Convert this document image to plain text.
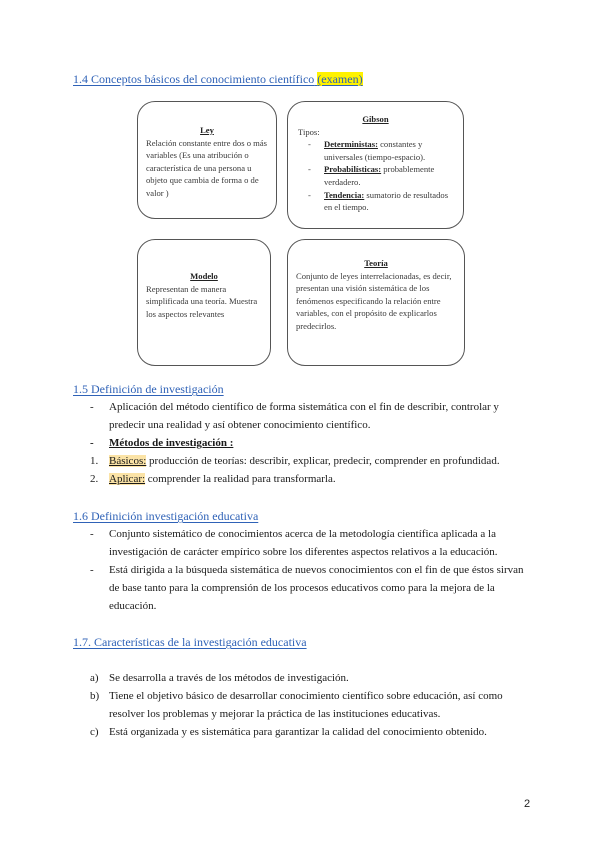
1.4 Conceptos básicos del conocimiento científico (examen)
Ley

Relación constante entre dos o más variables (Es una atribución o característica de una persona u objeto que cambia de forma o de valor )

Gibson

Tipos:

- Deterministas: constantes y universales (tiempo-espacio).
- Probabilísticas: probablemente verdadero.
- Tendencia: sumatorio de resultados en el tiempo.
Modelo

Representan de manera simplificada una teoría. Muestra los aspectos relevantes

Teoría

Conjunto de leyes interrelacionadas, es decir, presentan una visión sistemática de los fenómenos especificando la relación entre variables, con el propósito de explicarlos predecirlos.

1.5 Definición de investigación
- Aplicación del método científico de forma sistemática con el fin de describir, controlar y predecir una realidad y así obtener conocimiento científico.
- Métodos de investigación :
1. Básicos: producción de teorías: describir, explicar, predecir, comprender en profundidad.
2. Aplicar: comprender la realidad para transformarla.
1.6 Definición investigación educativa
- Conjunto sistemático de conocimientos acerca de la metodología científica aplicada a la investigación de carácter empírico sobre los diferentes aspectos relativos a la educación.
- Está dirigida a la búsqueda sistemática de nuevos conocimientos con el fin de que éstos sirvan de base tanto para la comprensión de los procesos educativos como para la mejora de la educación.
1.7. Características de la investigación educativa
a) Se desarrolla a través de los métodos de investigación.
b) Tiene el objetivo básico de desarrollar conocimiento científico sobre educación, así como resolver los problemas y mejorar la práctica de las instituciones educativas.
c) Está organizada y es sistemática para garantizar la calidad del conocimiento obtenido.
2
